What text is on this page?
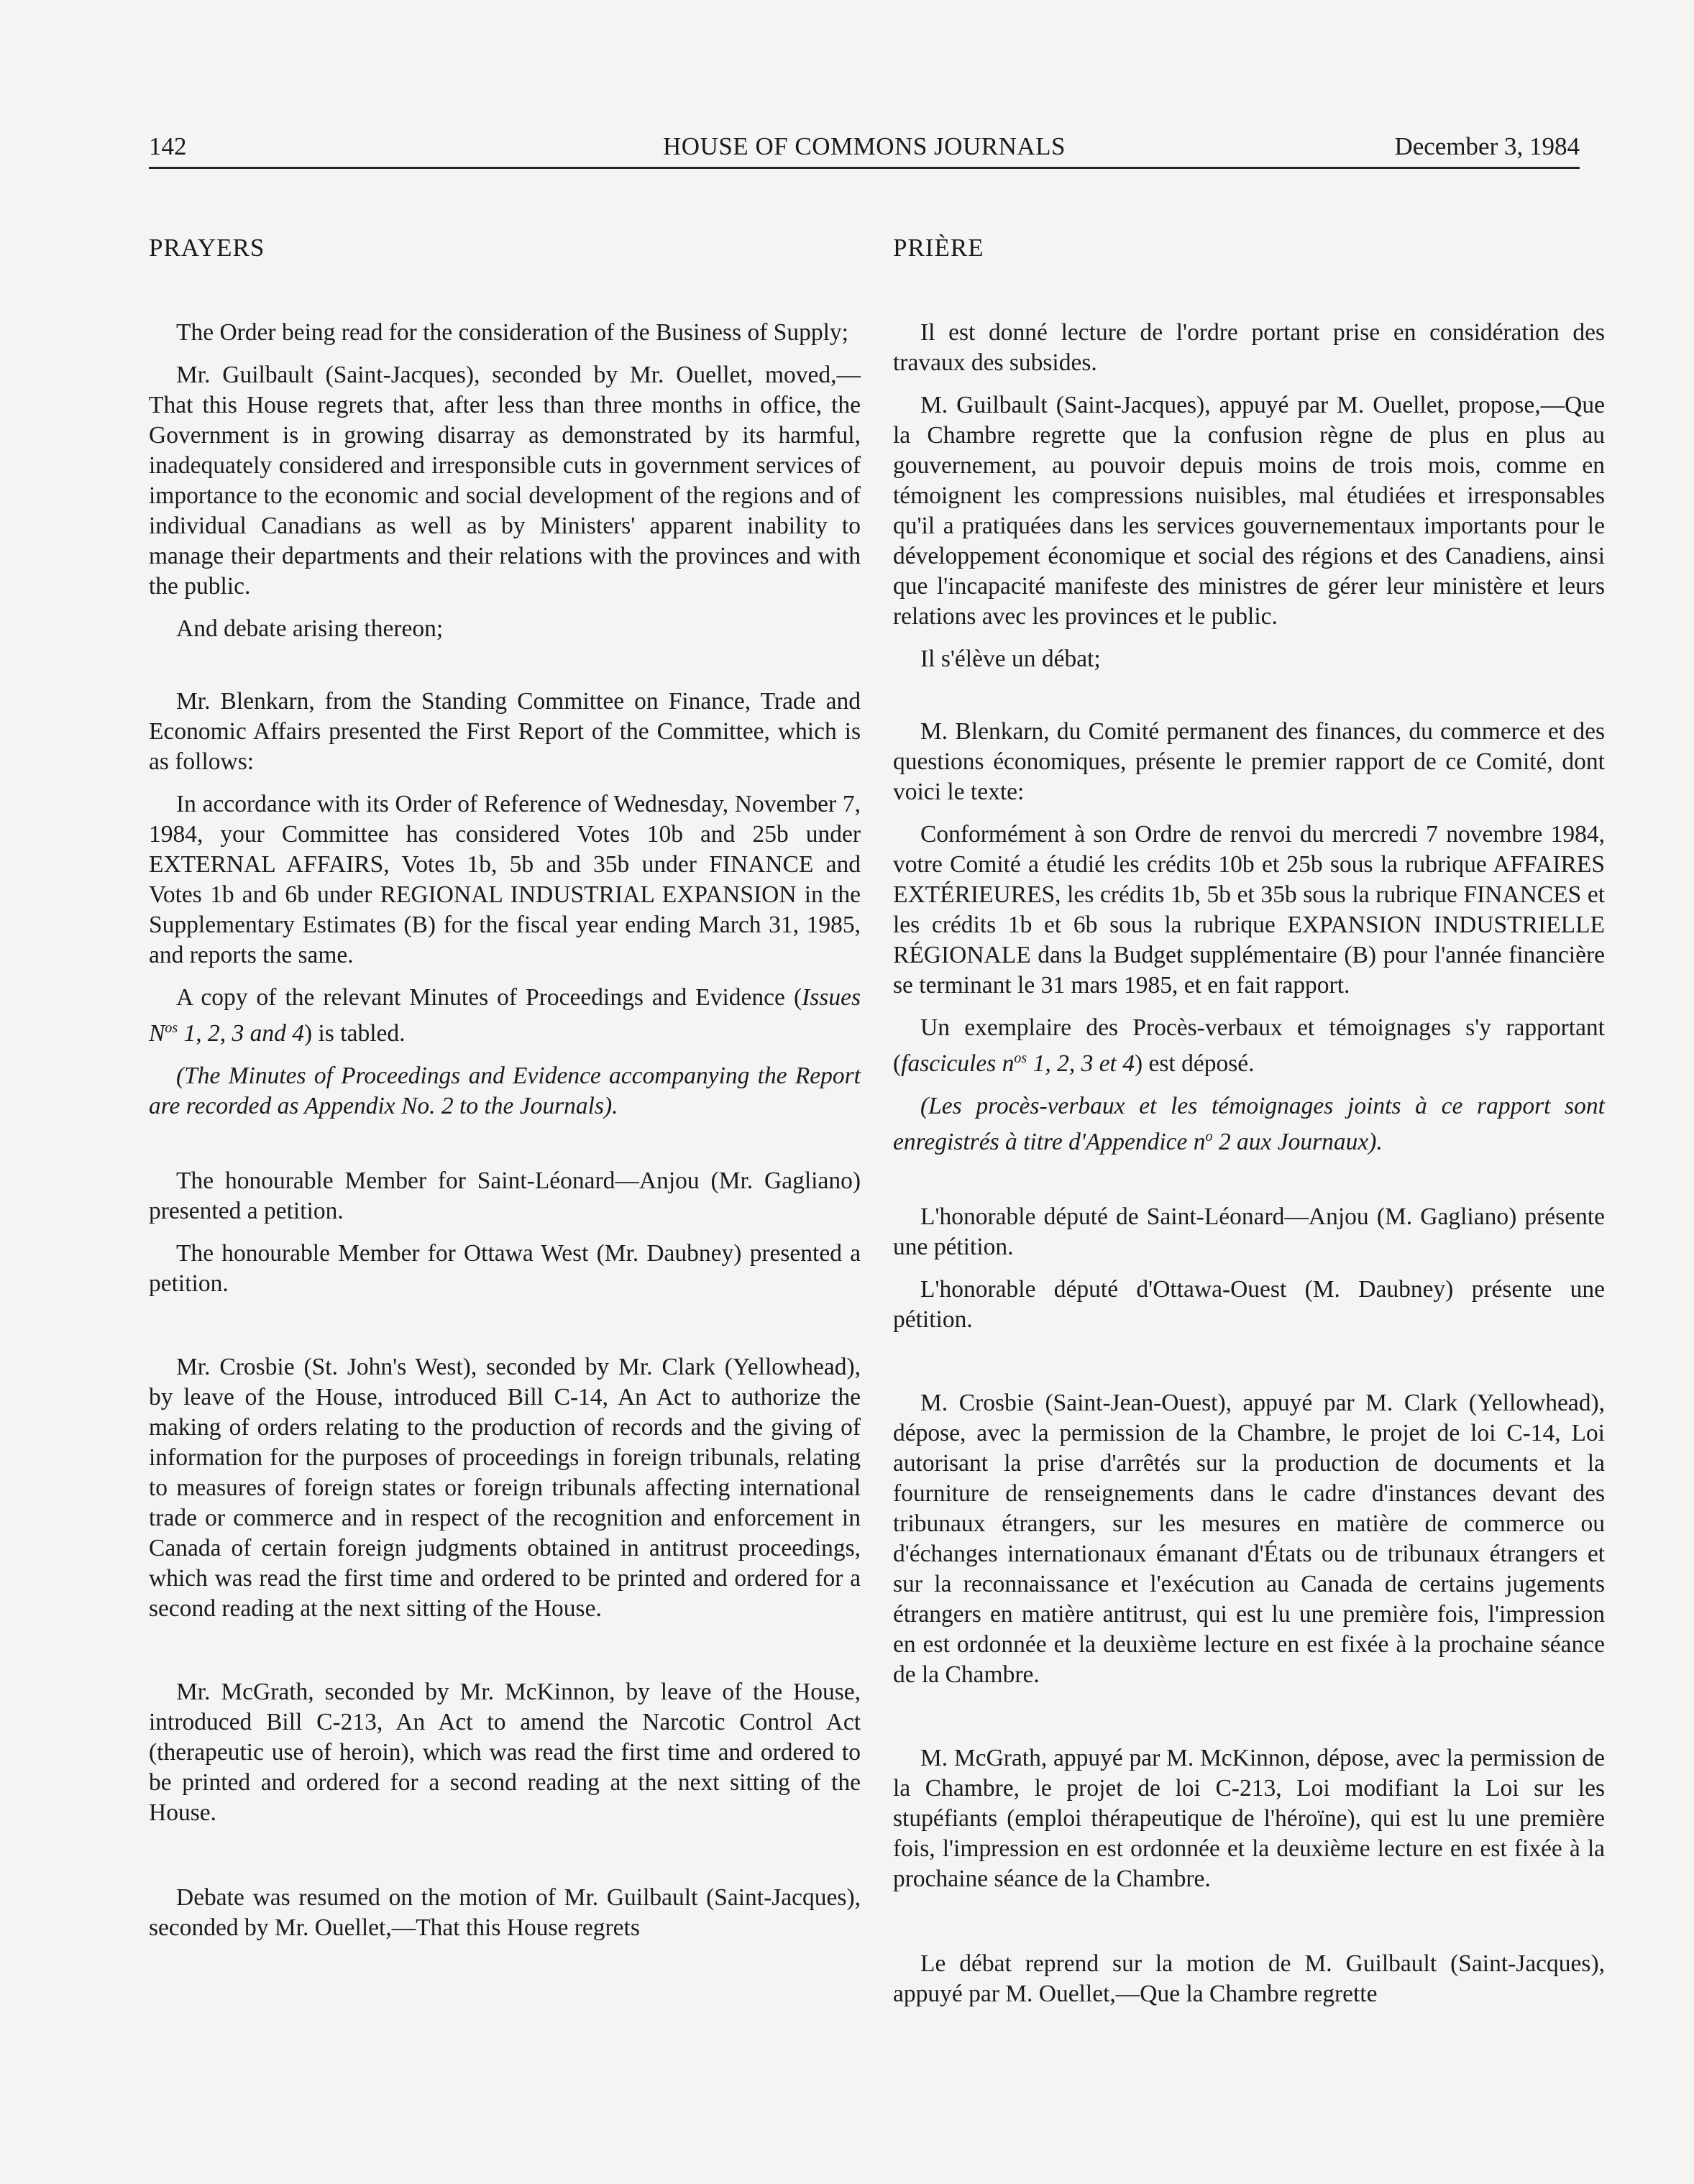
142	HOUSE OF COMMONS JOURNALS	December 3, 1984
PRAYERS

The Order being read for the consideration of the Business of Supply;

Mr. Guilbault (Saint-Jacques), seconded by Mr. Ouellet, moved,—That this House regrets that, after less than three months in office, the Government is in growing disarray as demonstrated by its harmful, inadequately considered and irresponsible cuts in government services of importance to the economic and social development of the regions and of individual Canadians as well as by Ministers' apparent inability to manage their departments and their relations with the provinces and with the public.

And debate arising thereon;

Mr. Blenkarn, from the Standing Committee on Finance, Trade and Economic Affairs presented the First Report of the Committee, which is as follows:

In accordance with its Order of Reference of Wednesday, November 7, 1984, your Committee has considered Votes 10b and 25b under EXTERNAL AFFAIRS, Votes 1b, 5b and 35b under FINANCE and Votes 1b and 6b under REGIONAL INDUSTRIAL EXPANSION in the Supplementary Estimates (B) for the fiscal year ending March 31, 1985, and reports the same.

A copy of the relevant Minutes of Proceedings and Evidence (Issues $N^{os}$ 1, 2, 3 and 4) is tabled.

(The Minutes of Proceedings and Evidence accompanying the Report are recorded as Appendix No. 2 to the Journals).

The honourable Member for Saint-Léonard—Anjou (Mr. Gagliano) presented a petition.

The honourable Member for Ottawa West (Mr. Daubney) presented a petition.

Mr. Crosbie (St. John's West), seconded by Mr. Clark (Yellowhead), by leave of the House, introduced Bill C-14, An Act to authorize the making of orders relating to the production of records and the giving of information for the purposes of proceedings in foreign tribunals, relating to measures of foreign states or foreign tribunals affecting international trade or commerce and in respect of the recognition and enforcement in Canada of certain foreign judgments obtained in antitrust proceedings, which was read the first time and ordered to be printed and ordered for a second reading at the next sitting of the House.

Mr. McGrath, seconded by Mr. McKinnon, by leave of the House, introduced Bill C-213, An Act to amend the Narcotic Control Act (therapeutic use of heroin), which was read the first time and ordered to be printed and ordered for a second reading at the next sitting of the House.

Debate was resumed on the motion of Mr. Guilbault (Saint-Jacques), seconded by Mr. Ouellet,—That this House regrets

PRIÈRE

Il est donné lecture de l'ordre portant prise en considération des travaux des subsides.

M. Guilbault (Saint-Jacques), appuyé par M. Ouellet, propose,—Que la Chambre regrette que la confusion règne de plus en plus au gouvernement, au pouvoir depuis moins de trois mois, comme en témoignent les compressions nuisibles, mal étudiées et irresponsables qu'il a pratiquées dans les services gouvernementaux importants pour le développement économique et social des régions et des Canadiens, ainsi que l'incapacité manifeste des ministres de gérer leur ministère et leurs relations avec les provinces et le public.

Il s'élève un débat;

M. Blenkarn, du Comité permanent des finances, du commerce et des questions économiques, présente le premier rapport de ce Comité, dont voici le texte:

Conformément à son Ordre de renvoi du mercredi 7 novembre 1984, votre Comité a étudié les crédits 10b et 25b sous la rubrique AFFAIRES EXTÉRIEURES, les crédits 1b, 5b et 35b sous la rubrique FINANCES et les crédits 1b et 6b sous la rubrique EXPANSION INDUSTRIELLE RÉGIONALE dans la Budget supplémentaire (B) pour l'année financière se terminant le 31 mars 1985, et en fait rapport.

Un exemplaire des Procès-verbaux et témoignages s'y rapportant (fascicules $n^{os}$ 1, 2, 3 et 4) est déposé.

(Les procès-verbaux et les témoignages joints à ce rapport sont enregistrés à titre d'Appendice $n^o$ 2 aux Journaux).

L'honorable député de Saint-Léonard—Anjou (M. Gagliano) présente une pétition.

L'honorable député d'Ottawa-Ouest (M. Daubney) présente une pétition.

M. Crosbie (Saint-Jean-Ouest), appuyé par M. Clark (Yellowhead), dépose, avec la permission de la Chambre, le projet de loi C-14, Loi autorisant la prise d'arrêtés sur la production de documents et la fourniture de renseignements dans le cadre d'instances devant des tribunaux étrangers, sur les mesures en matière de commerce ou d'échanges internationaux émanant d'États ou de tribunaux étrangers et sur la reconnaissance et l'exécution au Canada de certains jugements étrangers en matière antitrust, qui est lu une première fois, l'impression en est ordonnée et la deuxième lecture en est fixée à la prochaine séance de la Chambre.

M. McGrath, appuyé par M. McKinnon, dépose, avec la permission de la Chambre, le projet de loi C-213, Loi modifiant la Loi sur les stupéfiants (emploi thérapeutique de l'héroïne), qui est lu une première fois, l'impression en est ordonnée et la deuxième lecture en est fixée à la prochaine séance de la Chambre.

Le débat reprend sur la motion de M. Guilbault (Saint-Jacques), appuyé par M. Ouellet,—Que la Chambre regrette
